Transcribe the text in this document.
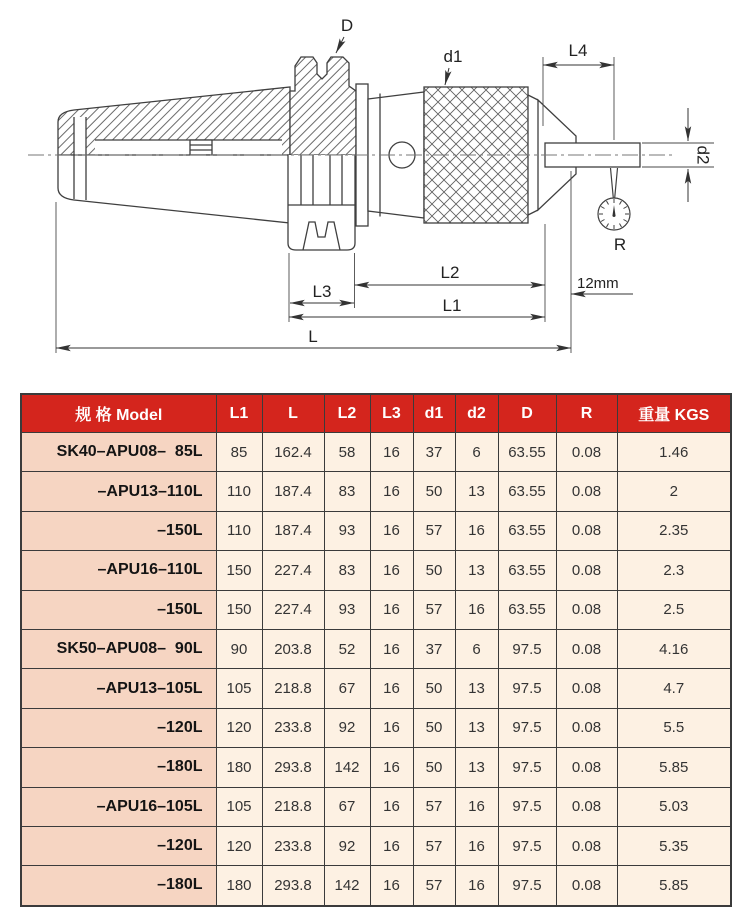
D
d1	L4
d2
R
12mm
L2
L3
L1
L
规 格 Model	L1	L	L2	L3	d1	d2	D	R	重量 KGS
SK40–APU08–  85L	85	162.4	58	16	37	6	63.55	0.08	1.46
–APU13–110L	110	187.4	83	16	50	13	63.55	0.08	2
–150L	110	187.4	93	16	57	16	63.55	0.08	2.35
–APU16–110L	150	227.4	83	16	50	13	63.55	0.08	2.3
–150L	150	227.4	93	16	57	16	63.55	0.08	2.5
SK50–APU08–  90L	90	203.8	52	16	37	6	97.5	0.08	4.16
–APU13–105L	105	218.8	67	16	50	13	97.5	0.08	4.7
–120L	120	233.8	92	16	50	13	97.5	0.08	5.5
–180L	180	293.8	142	16	50	13	97.5	0.08	5.85
–APU16–105L	105	218.8	67	16	57	16	97.5	0.08	5.03
–120L	120	233.8	92	16	57	16	97.5	0.08	5.35
–180L	180	293.8	142	16	57	16	97.5	0.08	5.85
